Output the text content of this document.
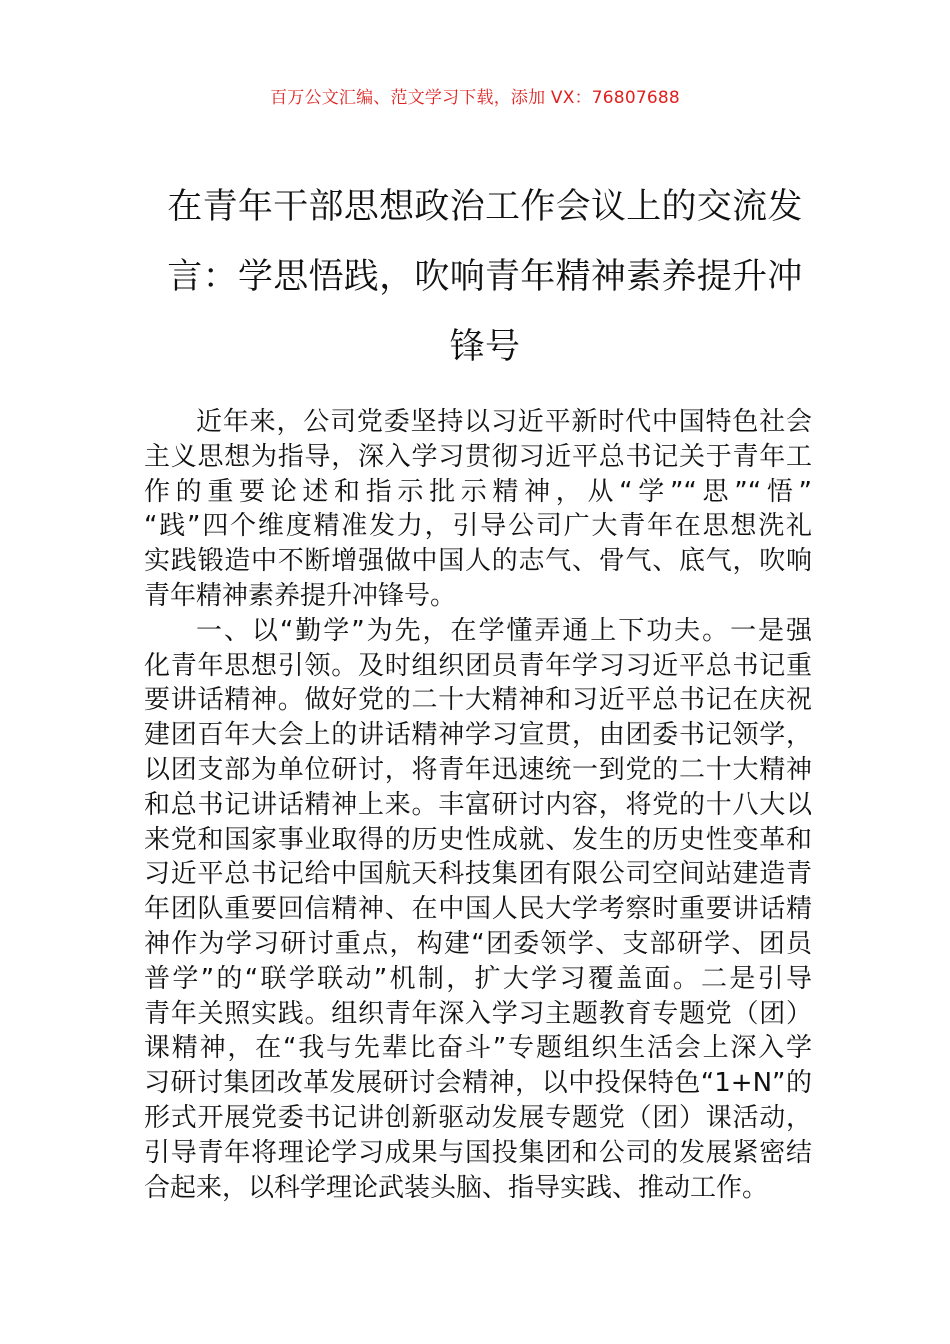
百万公文汇编、范文学习下载，添加 VX：76807688
在青年干部思想政治工作会议上的交流发
言：学思悟践，吹响青年精神素养提升冲
锋号
近年来，公司党委坚持以习近平新时代中国特色社会
主义思想为指导，深入学习贯彻习近平总书记关于青年工
作的重要论述和指示批示精神，从“学”“思”“悟”
“践”四个维度精准发力，引导公司广大青年在思想洗礼
实践锻造中不断增强做中国人的志气、骨气、底气，吹响
青年精神素养提升冲锋号。
一、以“勤学”为先，在学懂弄通上下功夫。一是强
化青年思想引领。及时组织团员青年学习习近平总书记重
要讲话精神。做好党的二十大精神和习近平总书记在庆祝
建团百年大会上的讲话精神学习宣贯，由团委书记领学，
以团支部为单位研讨，将青年迅速统一到党的二十大精神
和总书记讲话精神上来。丰富研讨内容，将党的十八大以
来党和国家事业取得的历史性成就、发生的历史性变革和
习近平总书记给中国航天科技集团有限公司空间站建造青
年团队重要回信精神、在中国人民大学考察时重要讲话精
神作为学习研讨重点，构建“团委领学、支部研学、团员
普学”的“联学联动”机制，扩大学习覆盖面。二是引导
青年关照实践。组织青年深入学习主题教育专题党（团）
课精神，在“我与先辈比奋斗”专题组织生活会上深入学
习研讨集团改革发展研讨会精神，以中投保特色“1+N”的
形式开展党委书记讲创新驱动发展专题党（团）课活动，
引导青年将理论学习成果与国投集团和公司的发展紧密结
合起来，以科学理论武装头脑、指导实践、推动工作。
